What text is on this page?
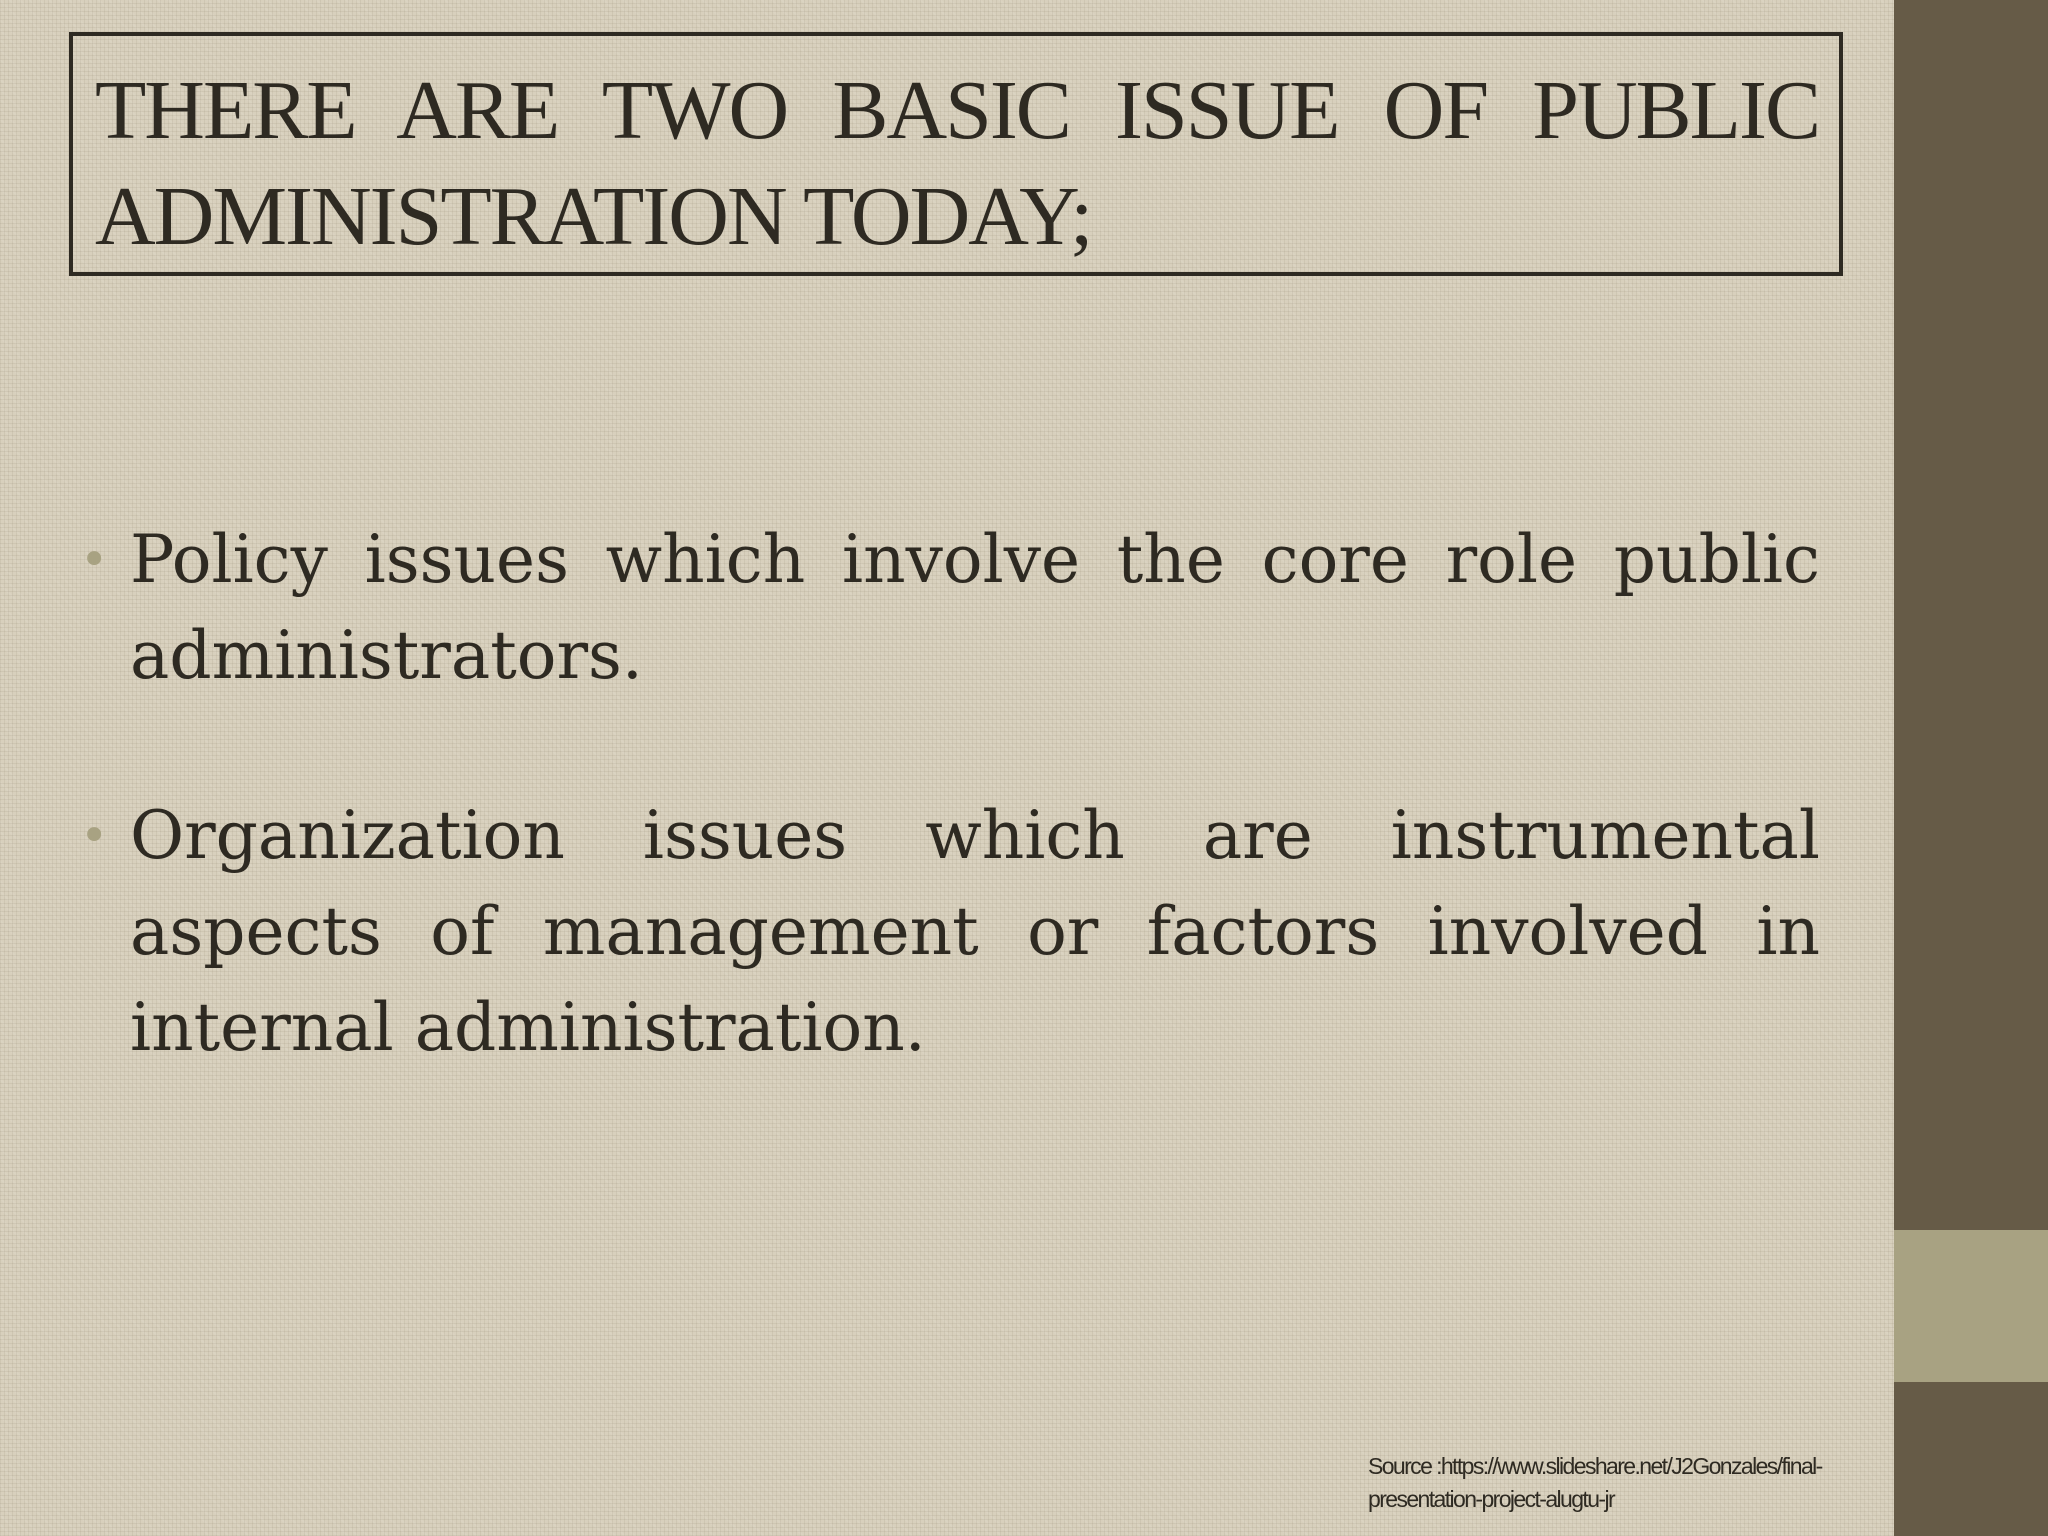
THERE ARE TWO BASIC ISSUE OF PUBLIC ADMINISTRATION TODAY;
• Policy issues which involve the core role public administrators.
• Organization issues which are instrumental aspects of management or factors involved in internal administration.
Source :https://www.slideshare.net/J2Gonzales/final-
presentation-project-alugtu-jr
